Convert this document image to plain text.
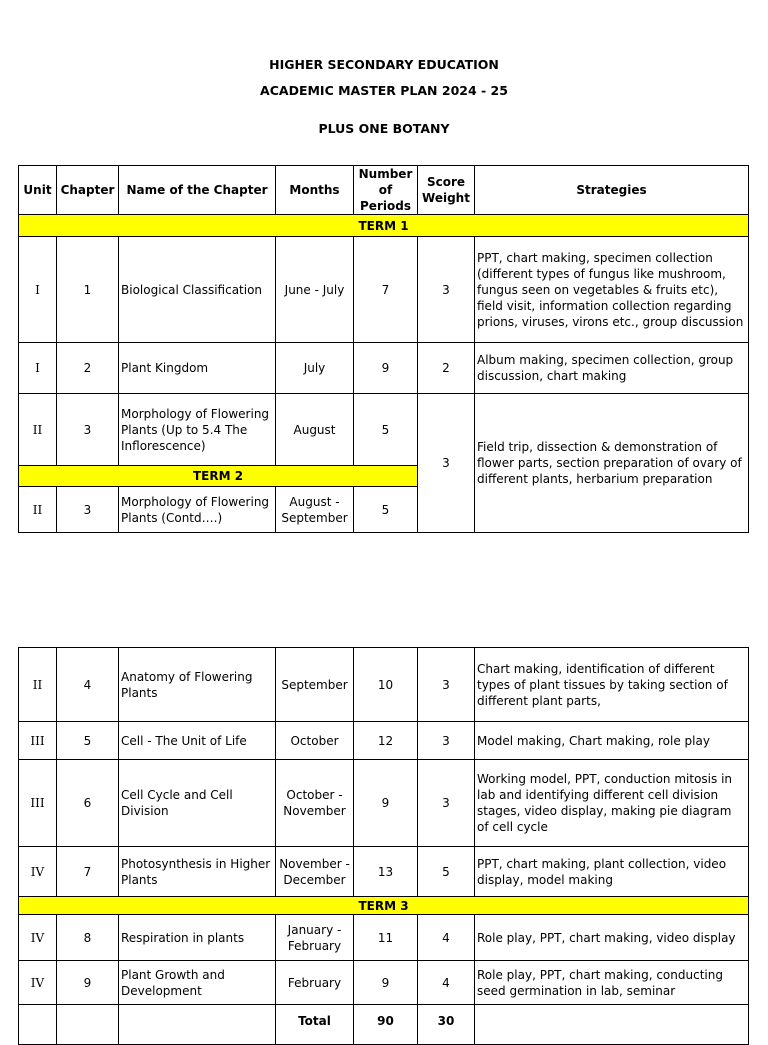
HIGHER SECONDARY EDUCATION
ACADEMIC MASTER PLAN 2024 - 25
PLUS ONE BOTANY
Unit	Chapter	Name of the Chapter	Months	Number of Periods	Score Weight	Strategies
TERM 1						
I	1	Biological Classification	June - July	7	3	PPT, chart making, specimen collection (different types of fungus like mushroom, fungus seen on vegetables & fruits etc), field visit, information collection regarding prions, viruses, virons etc., group discussion
I	2	Plant Kingdom	July	9	2	Album making, specimen collection, group discussion, chart making
II	3	Morphology of Flowering Plants (Up to 5.4 The Inflorescence)	August	5	3	Field trip, dissection & demonstration of flower parts, section preparation of ovary of different plants, herbarium preparation
TERM 2						
II	3	Morphology of Flowering Plants (Contd….)	August - September	5		
II	4	Anatomy of Flowering Plants	September	10	3	Chart making, identification of different types of plant tissues by taking section of different plant parts,
III	5	Cell - The Unit of Life	October	12	3	Model making, Chart making, role play
III	6	Cell Cycle and Cell Division	October - November	9	3	Working model, PPT, conduction mitosis in lab and identifying different cell division stages, video display, making pie diagram of cell cycle
IV	7	Photosynthesis in Higher Plants	November - December	13	5	PPT, chart making, plant collection, video display, model making
TERM 3						
IV	8	Respiration in plants	January - February	11	4	Role play, PPT, chart making, video display
IV	9	Plant Growth and Development	February	9	4	Role play, PPT, chart making, conducting seed germination in lab, seminar
			Total	90	30	
